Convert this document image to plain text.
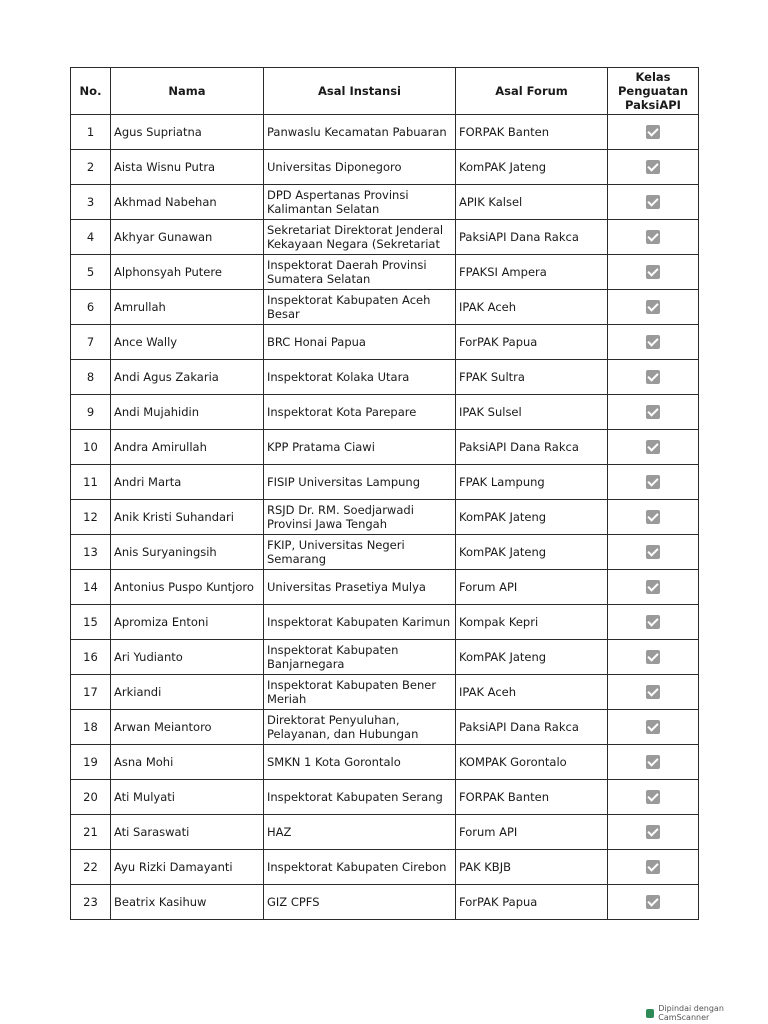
No.	Nama	Asal Instansi	Asal Forum	Kelas Penguatan PaksiAPI

1	Agus Supriatna	Panwaslu Kecamatan Pabuaran	FORPAK Banten	

2	Aista Wisnu Putra	Universitas Diponegoro	KomPAK Jateng	

3	Akhmad Nabehan	DPD Aspertanas Provinsi Kalimantan Selatan	APIK Kalsel	

4	Akhyar Gunawan	Sekretariat Direktorat Jenderal Kekayaan Negara (Sekretariat	PaksiAPI Dana Rakca	

5	Alphonsyah Putere	Inspektorat Daerah Provinsi Sumatera Selatan	FPAKSI Ampera	

6	Amrullah	Inspektorat Kabupaten Aceh Besar	IPAK Aceh	

7	Ance Wally	BRC Honai Papua	ForPAK Papua	

8	Andi Agus Zakaria	Inspektorat Kolaka Utara	FPAK Sultra	

9	Andi Mujahidin	Inspektorat Kota Parepare	IPAK Sulsel	

10	Andra Amirullah	KPP Pratama Ciawi	PaksiAPI Dana Rakca	

11	Andri Marta	FISIP Universitas Lampung	FPAK Lampung	

12	Anik Kristi Suhandari	RSJD Dr. RM. Soedjarwadi Provinsi Jawa Tengah	KomPAK Jateng	

13	Anis Suryaningsih	FKIP, Universitas Negeri Semarang	KomPAK Jateng	

14	Antonius Puspo Kuntjoro	Universitas Prasetiya Mulya	Forum API	

15	Apromiza Entoni	Inspektorat Kabupaten Karimun	Kompak Kepri	

16	Ari Yudianto	Inspektorat Kabupaten Banjarnegara	KomPAK Jateng	

17	Arkiandi	Inspektorat Kabupaten Bener Meriah	IPAK Aceh	

18	Arwan Meiantoro	Direktorat Penyuluhan, Pelayanan, dan Hubungan	PaksiAPI Dana Rakca	

19	Asna Mohi	SMKN 1 Kota Gorontalo	KOMPAK Gorontalo	

20	Ati Mulyati	Inspektorat Kabupaten Serang	FORPAK Banten	

21	Ati Saraswati	HAZ	Forum API	

22	Ayu Rizki Damayanti	Inspektorat Kabupaten Cirebon	PAK KBJB	

23	Beatrix Kasihuw	GIZ CPFS	ForPAK Papua	

Dipindai dengan CamScanner
